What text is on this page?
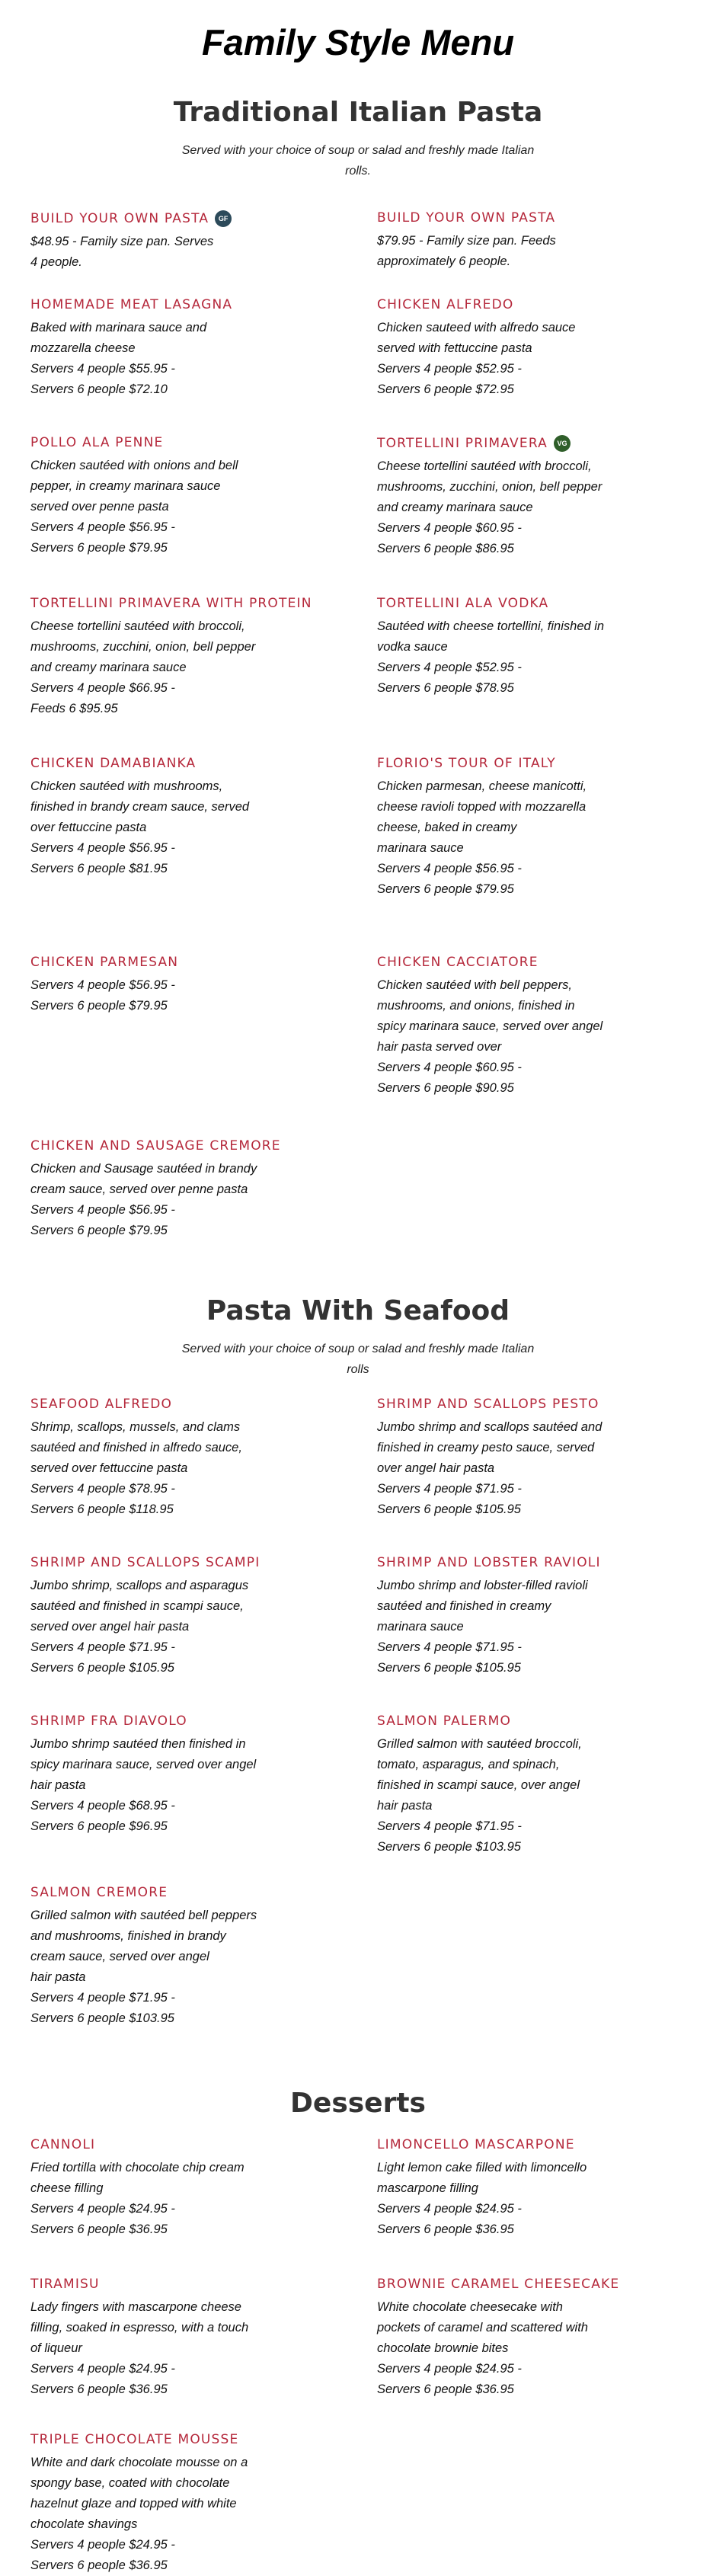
Family Style Menu
Traditional Italian Pasta

Served with your choice of soup or salad and freshly made Italian rolls.

BUILD YOUR OWN PASTA	GF

$48.95 - Family size pan. Serves

4 people.

BUILD YOUR OWN PASTA

$79.95 - Family size pan. Feeds

approximately 6 people.

HOMEMADE MEAT LASAGNA

Baked with marinara sauce and

mozzarella cheese

Servers 4 people $55.95 -

Servers 6 people $72.10

CHICKEN ALFREDO

Chicken sauteed with alfredo sauce

served with fettuccine pasta

Servers 4 people $52.95 -

Servers 6 people $72.95

POLLO ALA PENNE

Chicken sautéed with onions and bell

pepper, in creamy marinara sauce

served over penne pasta

Servers 4 people $56.95 -

Servers 6 people $79.95

TORTELLINI PRIMAVERA	VG

Cheese tortellini sautéed with broccoli,

mushrooms, zucchini, onion, bell pepper

and creamy marinara sauce

Servers 4 people $60.95 -

Servers 6 people $86.95

TORTELLINI PRIMAVERA WITH PROTEIN

Cheese tortellini sautéed with broccoli,

mushrooms, zucchini, onion, bell pepper

and creamy marinara sauce

Servers 4 people $66.95 -

Feeds 6 $95.95

TORTELLINI ALA VODKA

Sautéed with cheese tortellini, finished in

vodka sauce

Servers 4 people $52.95 -

Servers 6 people $78.95

CHICKEN DAMABIANKA

Chicken sautéed with mushrooms,

finished in brandy cream sauce, served

over fettuccine pasta

Servers 4 people $56.95 -

Servers 6 people $81.95

FLORIO'S TOUR OF ITALY

Chicken parmesan, cheese manicotti,

cheese ravioli topped with mozzarella

cheese, baked in creamy

marinara sauce

Servers 4 people $56.95 -

Servers 6 people $79.95

CHICKEN PARMESAN

Servers 4 people $56.95 -

Servers 6 people $79.95

CHICKEN CACCIATORE

Chicken sautéed with bell peppers,

mushrooms, and onions, finished in

spicy marinara sauce, served over angel

hair pasta served over

Servers 4 people $60.95 -

Servers 6 people $90.95

CHICKEN AND SAUSAGE CREMORE

Chicken and Sausage sautéed in brandy

cream sauce, served over penne pasta

Servers 4 people $56.95 -

Servers 6 people $79.95

Pasta With Seafood

Served with your choice of soup or salad and freshly made Italian rolls

SEAFOOD ALFREDO

Shrimp, scallops, mussels, and clams

sautéed and finished in alfredo sauce,

served over fettuccine pasta

Servers 4 people $78.95 -

Servers 6 people $118.95

SHRIMP AND SCALLOPS PESTO

Jumbo shrimp and scallops sautéed and

finished in creamy pesto sauce, served

over angel hair pasta

Servers 4 people $71.95 -

Servers 6 people $105.95

SHRIMP AND SCALLOPS SCAMPI

Jumbo shrimp, scallops and asparagus

sautéed and finished in scampi sauce,

served over angel hair pasta

Servers 4 people $71.95 -

Servers 6 people $105.95

SHRIMP AND LOBSTER RAVIOLI

Jumbo shrimp and lobster-filled ravioli

sautéed and finished in creamy

marinara sauce

Servers 4 people $71.95 -

Servers 6 people $105.95

SHRIMP FRA DIAVOLO

Jumbo shrimp sautéed then finished in

spicy marinara sauce, served over angel

hair pasta

Servers 4 people $68.95 -

Servers 6 people $96.95

SALMON PALERMO

Grilled salmon with sautéed broccoli,

tomato, asparagus, and spinach,

finished in scampi sauce, over angel

hair pasta

Servers 4 people $71.95 -

Servers 6 people $103.95

SALMON CREMORE

Grilled salmon with sautéed bell peppers

and mushrooms, finished in brandy

cream sauce, served over angel

hair pasta

Servers 4 people $71.95 -

Servers 6 people $103.95

Desserts
CANNOLI

Fried tortilla with chocolate chip cream

cheese filling

Servers 4 people $24.95 -

Servers 6 people $36.95

LIMONCELLO MASCARPONE

Light lemon cake filled with limoncello

mascarpone filling

Servers 4 people $24.95 -

Servers 6 people $36.95

TIRAMISU

Lady fingers with mascarpone cheese

filling, soaked in espresso, with a touch

of liqueur

Servers 4 people $24.95 -

Servers 6 people $36.95

BROWNIE CARAMEL CHEESECAKE

White chocolate cheesecake with

pockets of caramel and scattered with

chocolate brownie bites

Servers 4 people $24.95 -

Servers 6 people $36.95

TRIPLE CHOCOLATE MOUSSE

White and dark chocolate mousse on a

spongy base, coated with chocolate

hazelnut glaze and topped with white

chocolate shavings

Servers 4 people $24.95 -

Servers 6 people $36.95
